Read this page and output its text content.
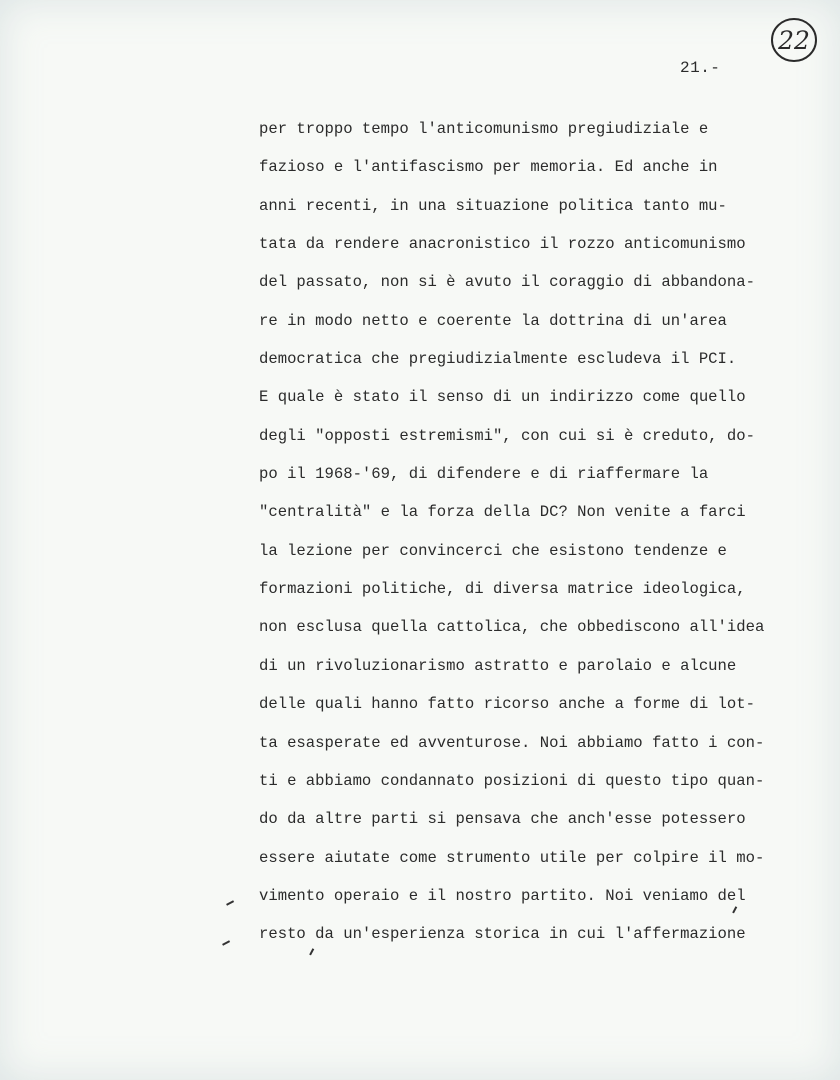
22
21.-
per troppo tempo l'anticomunismo pregiudiziale e
fazioso e l'antifascismo per memoria. Ed anche in
anni recenti, in una situazione politica tanto mu-
tata da rendere anacronistico il rozzo anticomunismo
del passato, non si è avuto il coraggio di abbandona-
re in modo netto e coerente la dottrina di un'area
democratica che pregiudizialmente escludeva il PCI.
E quale è stato il senso di un indirizzo come quello
degli "opposti estremismi", con cui si è creduto, do-
po il 1968-'69, di difendere e di riaffermare la
"centralità" e la forza della DC? Non venite a farci
la lezione per convincerci che esistono tendenze e
formazioni politiche, di diversa matrice ideologica,
non esclusa quella cattolica, che obbediscono all'idea
di un rivoluzionarismo astratto e parolaio e alcune
delle quali hanno fatto ricorso anche a forme di lot-
ta esasperate ed avventurose. Noi abbiamo fatto i con-
ti e abbiamo condannato posizioni di questo tipo quan-
do da altre parti si pensava che anch'esse potessero
essere aiutate come strumento utile per colpire il mo-
vimento operaio e il nostro partito. Noi veniamo del
resto da un'esperienza storica in cui l'affermazione
